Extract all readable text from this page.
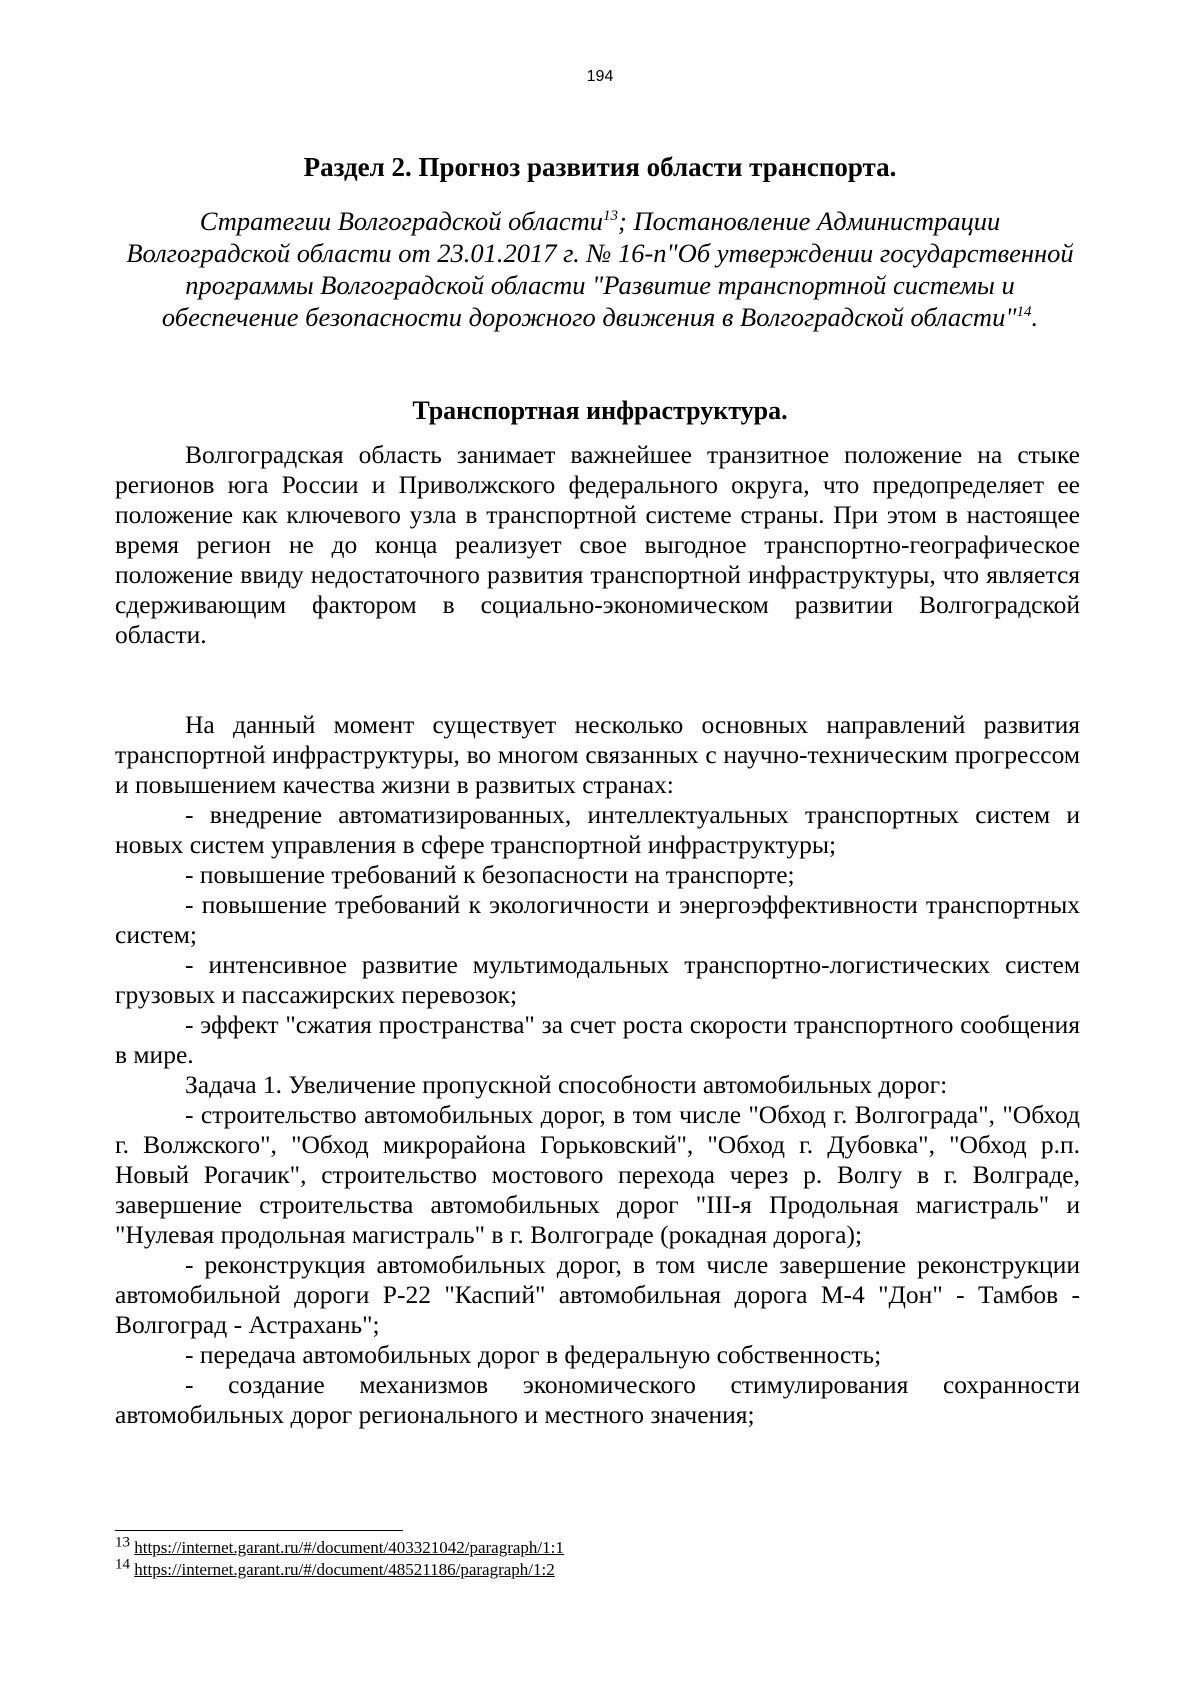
194
Раздел 2. Прогноз развития области транспорта.
Стратегии Волгоградской области$^{13}$; Постановление Администрации Волгоградской области от 23.01.2017 г. № 16-п"Об утверждении государственной программы Волгоградской области "Развитие транспортной системы и обеспечение безопасности дорожного движения в Волгоградской области"$^{14}$.
Транспортная инфраструктура.

Волгоградская область занимает важнейшее транзитное положение на стыке регионов юга России и Приволжского федерального округа, что предопределяет ее положение как ключевого узла в транспортной системе страны. При этом в настоящее время регион не до конца реализует свое выгодное транспортно-географическое положение ввиду недостаточного развития транспортной инфраструктуры, что является сдерживающим фактором в социально-экономическом развитии Волгоградской области.

На данный момент существует несколько основных направлений развития транспортной инфраструктуры, во многом связанных с научно-техническим прогрессом и повышением качества жизни в развитых странах:

- внедрение автоматизированных, интеллектуальных транспортных систем и новых систем управления в сфере транспортной инфраструктуры;

- повышение требований к безопасности на транспорте;

- повышение требований к экологичности и энергоэффективности транспортных систем;

- интенсивное развитие мультимодальных транспортно-логистических систем грузовых и пассажирских перевозок;

- эффект "сжатия пространства" за счет роста скорости транспортного сообщения в мире.

Задача 1. Увеличение пропускной способности автомобильных дорог:

- строительство автомобильных дорог, в том числе "Обход г. Волгограда", "Обход г. Волжского", "Обход микрорайона Горьковский", "Обход г. Дубовка", "Обход р.п. Новый Рогачик", строительство мостового перехода через р. Волгу в г. Волграде, завершение строительства автомобильных дорог "III-я Продольная магистраль" и "Нулевая продольная магистраль" в г. Волгограде (рокадная дорога);

- реконструкция автомобильных дорог, в том числе завершение реконструкции автомобильной дороги Р-22 "Каспий" автомобильная дорога М-4 "Дон" - Тамбов - Волгоград - Астрахань";

- передача автомобильных дорог в федеральную собственность;

- создание механизмов экономического стимулирования сохранности автомобильных дорог регионального и местного значения;

$^{13}$ https://internet.garant.ru/#/document/403321042/paragraph/1:1
$^{14}$ https://internet.garant.ru/#/document/48521186/paragraph/1:2
